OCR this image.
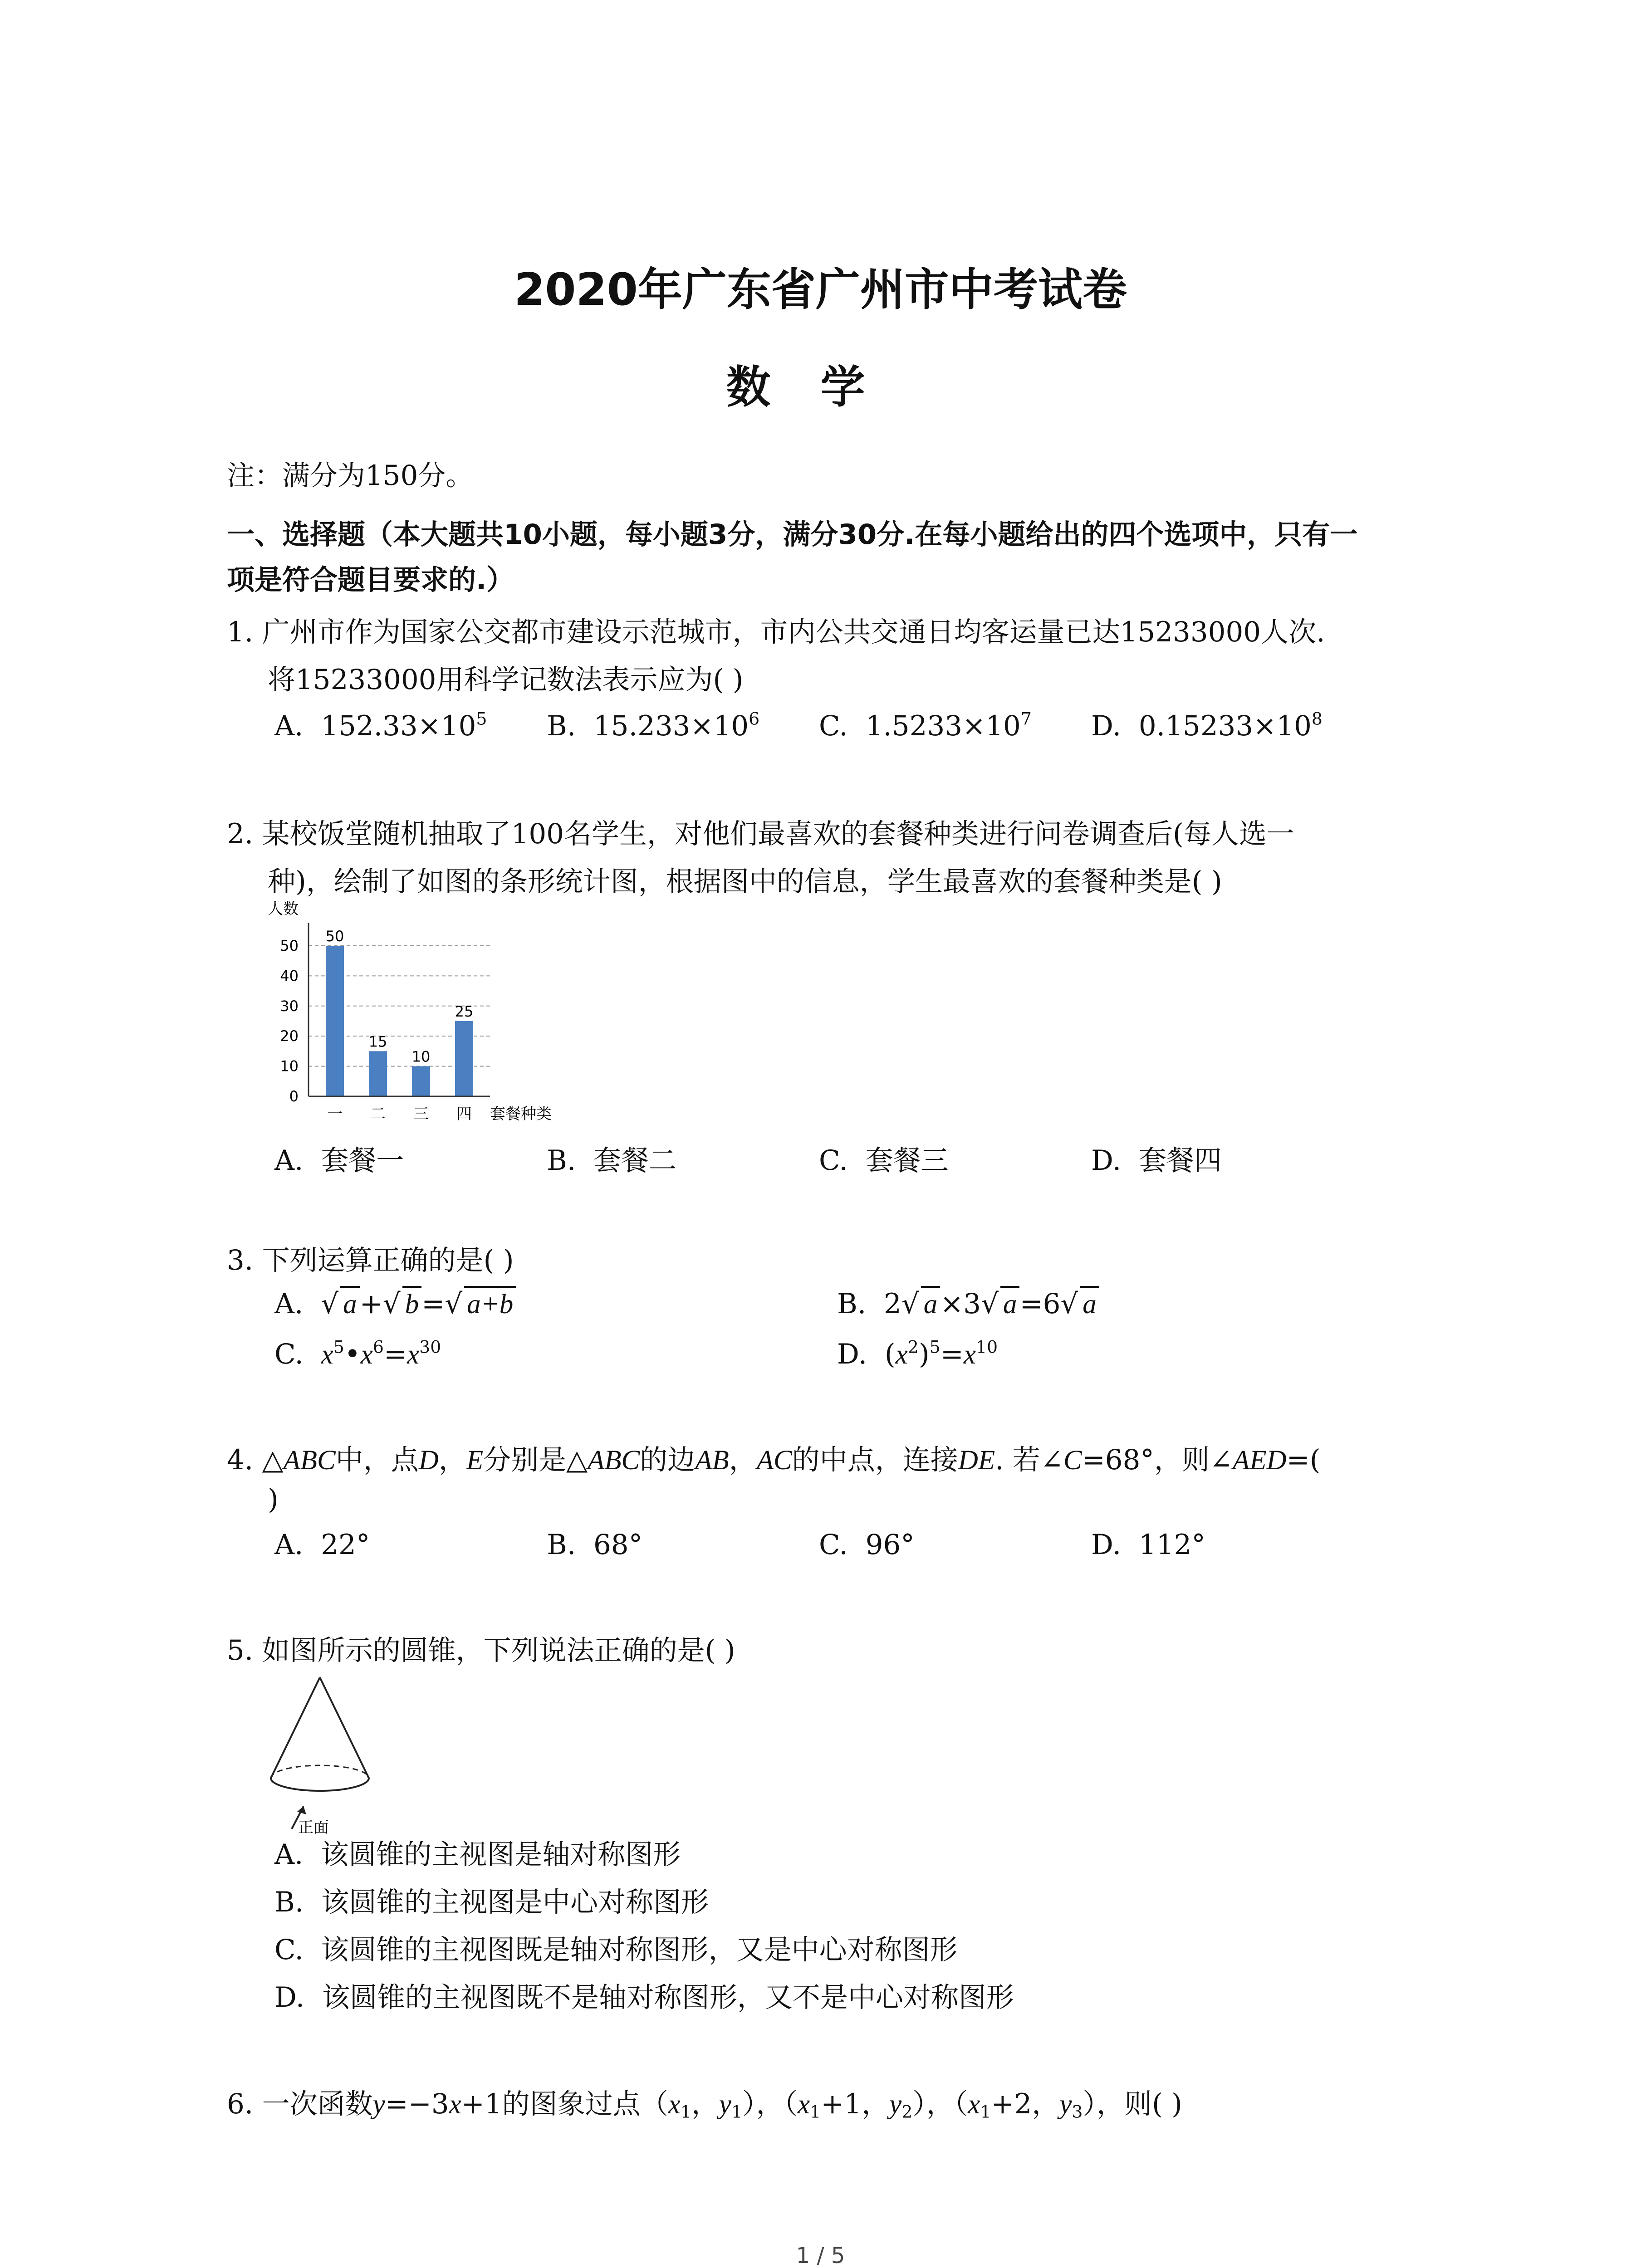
2020年广东省广州市中考试卷
数学
注：满分为150分。
一、选择题（本大题共10小题，每小题3分，满分30分.在每小题给出的四个选项中，只有一
项是符合题目要求的.）
1. 广州市作为国家公交都市建设示范城市，市内公共交通日均客运量已达15233000人次.
将15233000用科学记数法表示应为( )
A. $152.33\times 10^5$ B. $15.233\times 10^6$ C. $1.5233\times 10^7$ D. $0.15233\times 10^8$
2. 某校饭堂随机抽取了100名学生，对他们最喜欢的套餐种类进行问卷调查后(每人选一
种)，绘制了如图的条形统计图，根据图中的信息，学生最喜欢的套餐种类是( )
人数
0
10
20
30
40
50
50
15
10
25
一 二 三 四 套餐种类
A. 套餐一	B. 套餐二	C. 套餐三	D. 套餐四
3. 下列运算正确的是( )
A.  √ a+√ b=√ a+b	B. 2√ a×3√ a=6√ a
C. $x^5•x^6=x^{30}$	D. $(x^2)^5=x^{10}$
4. △ABC中，点D，E分别是△ABC的边AB，AC的中点，连接DE. 若∠C=68°，则∠AED=(
)
A. 22°	B. 68°	C. 96°	D. 112°
5. 如图所示的圆锥，下列说法正确的是( )
正面
A. 该圆锥的主视图是轴对称图形
B. 该圆锥的主视图是中心对称图形
C. 该圆锥的主视图既是轴对称图形，又是中心对称图形
D. 该圆锥的主视图既不是轴对称图形，又不是中心对称图形
6. 一次函数y=−3x+1的图象过点（$x_1$，$y_1$），（$x_1+1$，$y_2$），（$x_1+2$，$y_3$），则( )
1 / 5
